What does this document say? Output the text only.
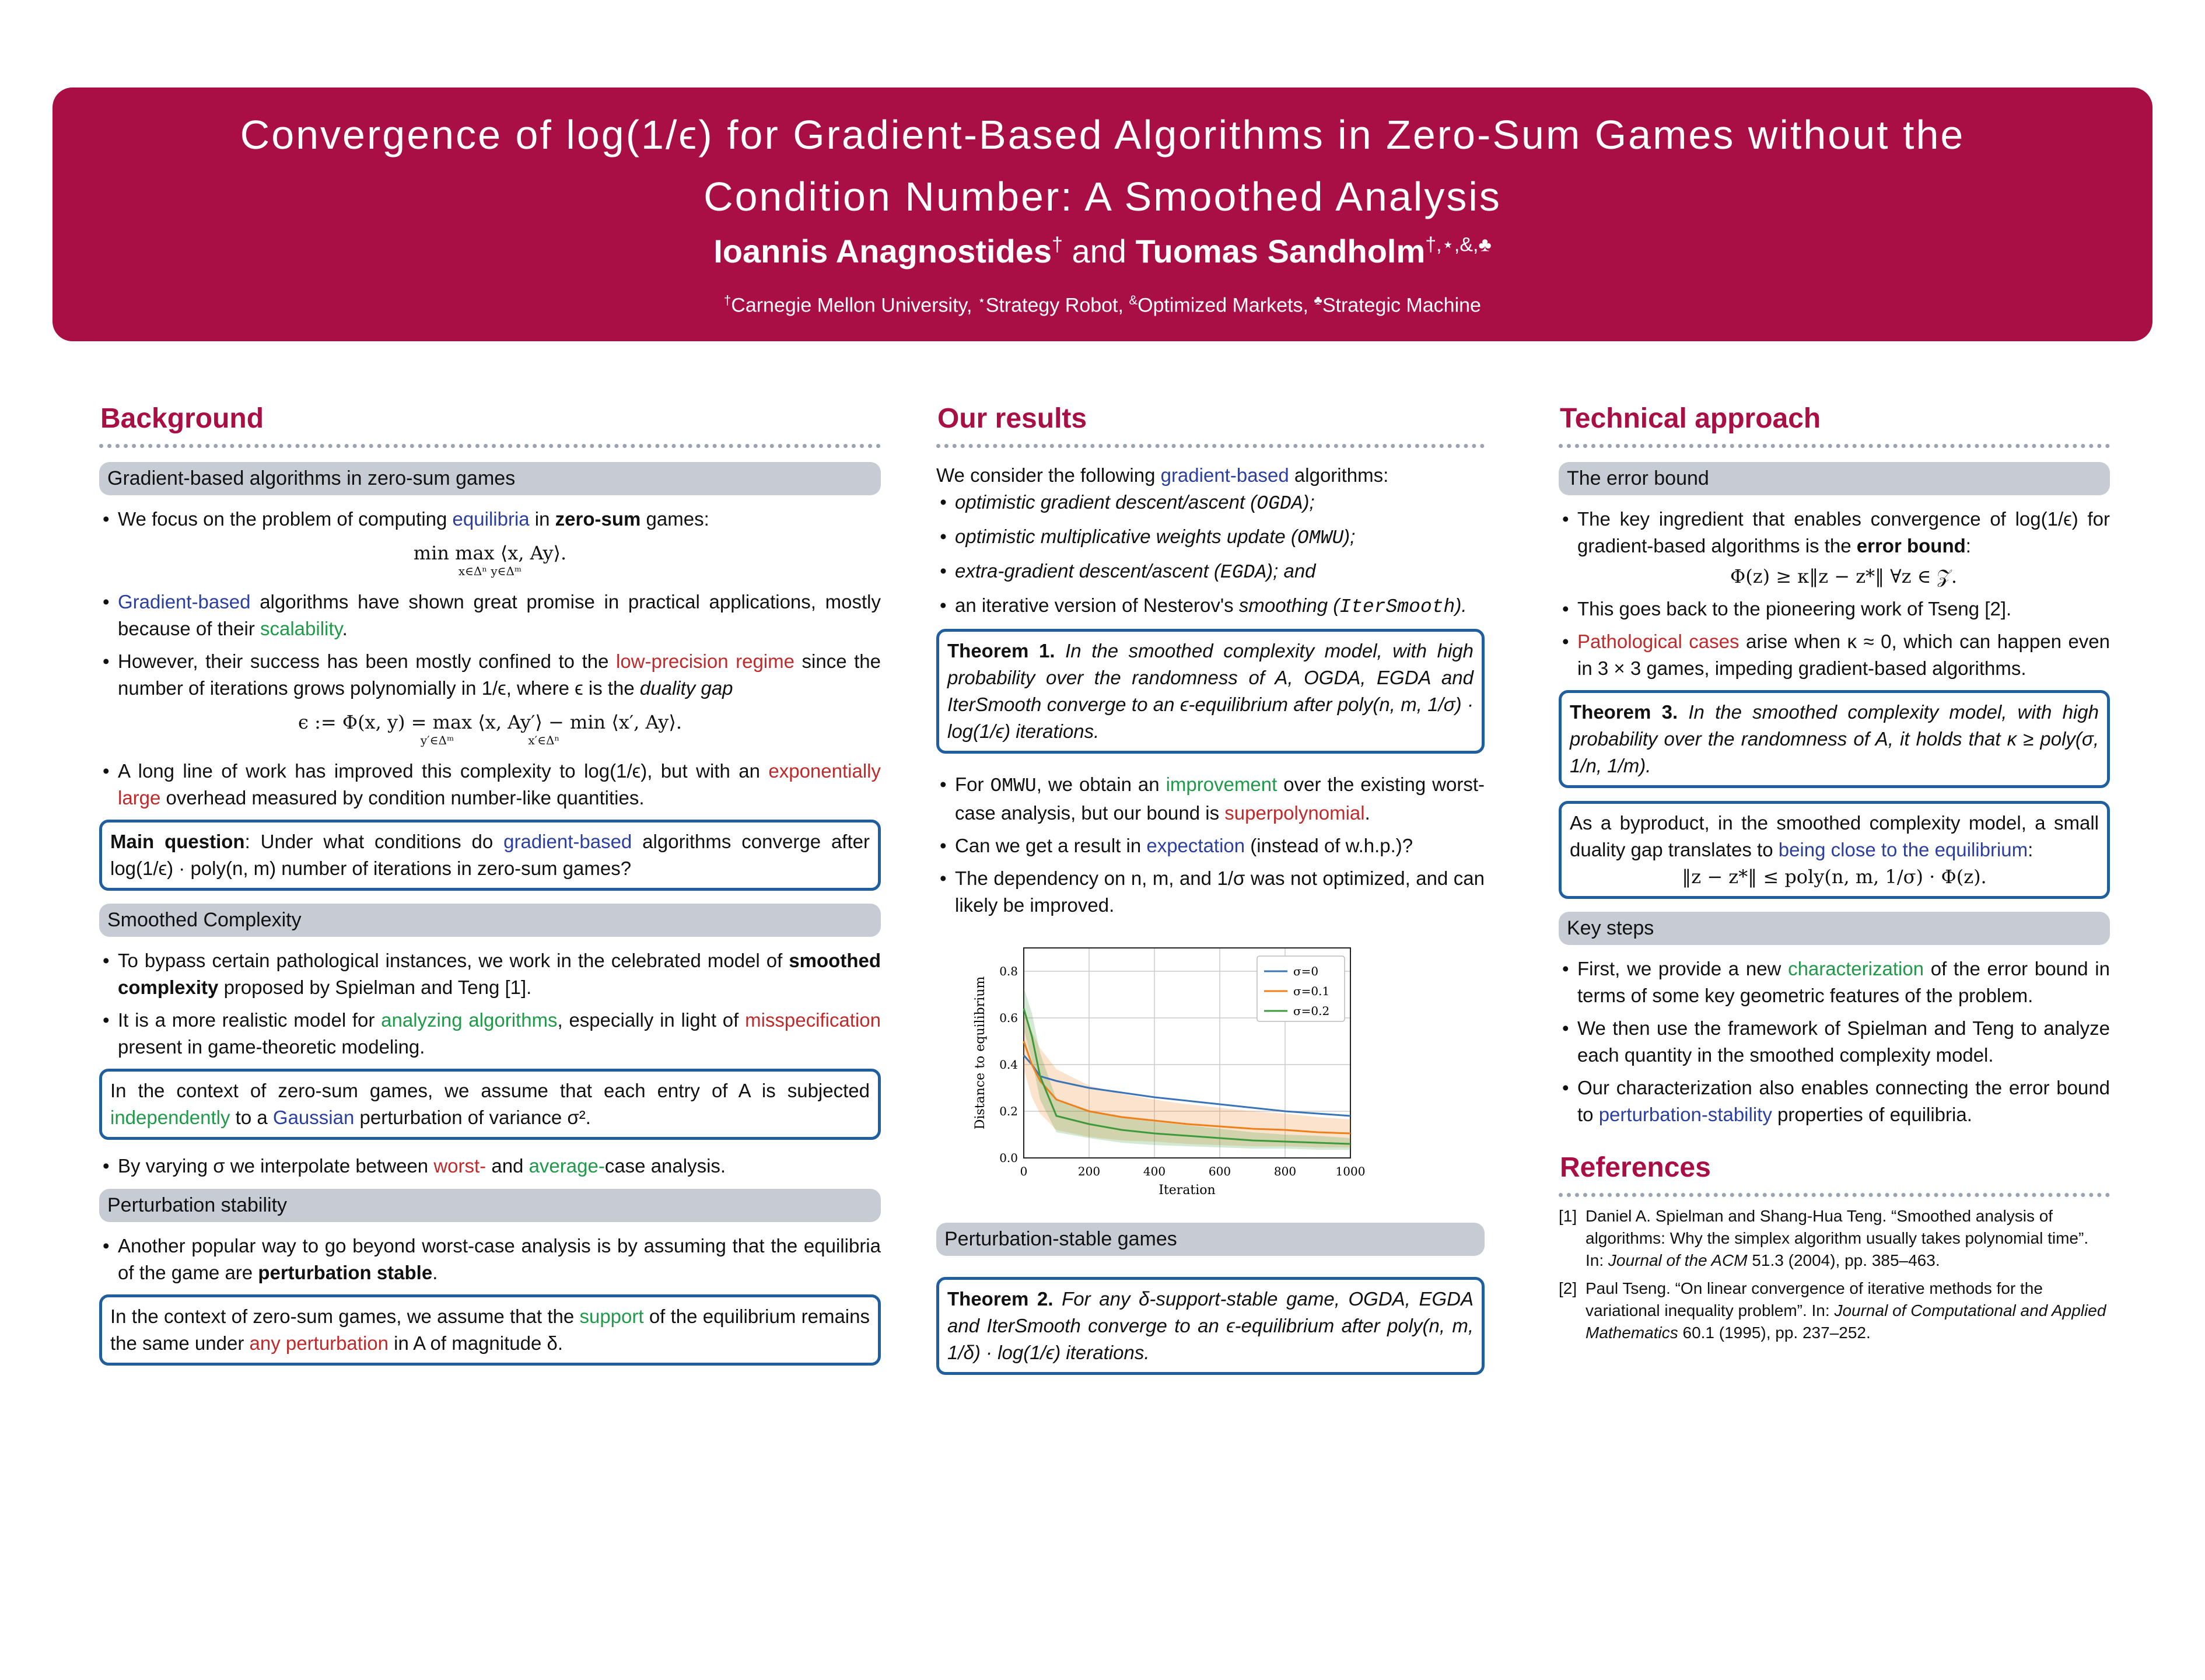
Convergence of log(1/ϵ) for Gradient-Based Algorithms in Zero-Sum Games without the
Condition Number: A Smoothed Analysis
Ioannis Anagnostides† and Tuomas Sandholm†,⋆,&,♣
†Carnegie Mellon University, ⋆Strategy Robot, &Optimized Markets, ♣Strategic Machine
Background
Gradient-based algorithms in zero-sum games
• We focus on the problem of computing equilibria in zero-sum games:
min max ⟨x, Ay⟩.
x∈Δⁿ y∈Δᵐ
• Gradient-based algorithms have shown great promise in practical applications, mostly because of their scalability.
• However, their success has been mostly confined to the low-precision regime since the number of iterations grows polynomially in 1/ϵ, where ϵ is the duality gap
ϵ := Φ(x, y) = max ⟨x, Ay′⟩ − min ⟨x′, Ay⟩.
y′∈Δᵐ                    x′∈Δⁿ
• A long line of work has improved this complexity to log(1/ϵ), but with an exponentially large overhead measured by condition number-like quantities.
Main question: Under what conditions do gradient-based algorithms converge after log(1/ϵ) · poly(n, m) number of iterations in zero-sum games?
Smoothed Complexity
• To bypass certain pathological instances, we work in the celebrated model of smoothed complexity proposed by Spielman and Teng [1].
• It is a more realistic model for analyzing algorithms, especially in light of misspecification present in game-theoretic modeling.
In the context of zero-sum games, we assume that each entry of A is subjected independently to a Gaussian perturbation of variance σ².
• By varying σ we interpolate between worst- and average-case analysis.
Perturbation stability
• Another popular way to go beyond worst-case analysis is by assuming that the equilibria of the game are perturbation stable.
In the context of zero-sum games, we assume that the support of the equilibrium remains the same under any perturbation in A of magnitude δ.
Our results
We consider the following gradient-based algorithms:
• optimistic gradient descent/ascent (OGDA);
• optimistic multiplicative weights update (OMWU);
• extra-gradient descent/ascent (EGDA); and
• an iterative version of Nesterov's smoothing (IterSmooth).
Theorem 1. In the smoothed complexity model, with high probability over the randomness of A, OGDA, EGDA and IterSmooth converge to an ϵ-equilibrium after poly(n, m, 1/σ) · log(1/ϵ) iterations.
• For OMWU, we obtain an improvement over the existing worst-case analysis, but our bound is superpolynomial.
• Can we get a result in expectation (instead of w.h.p.)?
• The dependency on n, m, and 1/σ was not optimized, and can likely be improved.
0	200	400	600	800	1000
0.0
0.2
0.4
0.6
0.8
Iteration
Distance to equilibrium
σ=0
σ=0.1
σ=0.2
Perturbation-stable games
Theorem 2. For any δ-support-stable game, OGDA, EGDA and IterSmooth converge to an ϵ-equilibrium after poly(n, m, 1/δ) · log(1/ϵ) iterations.
Technical approach
The error bound
• The key ingredient that enables convergence of log(1/ϵ) for gradient-based algorithms is the error bound:
Φ(z) ≥ κ‖z − z*‖ ∀z ∈ 𝒵.
• This goes back to the pioneering work of Tseng [2].
• Pathological cases arise when κ ≈ 0, which can happen even in 3 × 3 games, impeding gradient-based algorithms.
Theorem 3. In the smoothed complexity model, with high probability over the randomness of A, it holds that κ ≥ poly(σ, 1/n, 1/m).
As a byproduct, in the smoothed complexity model, a small duality gap translates to being close to the equilibrium:
‖z − z*‖ ≤ poly(n, m, 1/σ) · Φ(z).
Key steps
• First, we provide a new characterization of the error bound in terms of some key geometric features of the problem.
• We then use the framework of Spielman and Teng to analyze each quantity in the smoothed complexity model.
• Our characterization also enables connecting the error bound to perturbation-stability properties of equilibria.
References
[1] Daniel A. Spielman and Shang-Hua Teng. “Smoothed analysis of algorithms: Why the simplex algorithm usually takes polynomial time”. In: Journal of the ACM 51.3 (2004), pp. 385–463.
[2] Paul Tseng. “On linear convergence of iterative methods for the variational inequality problem”. In: Journal of Computational and Applied Mathematics 60.1 (1995), pp. 237–252.
